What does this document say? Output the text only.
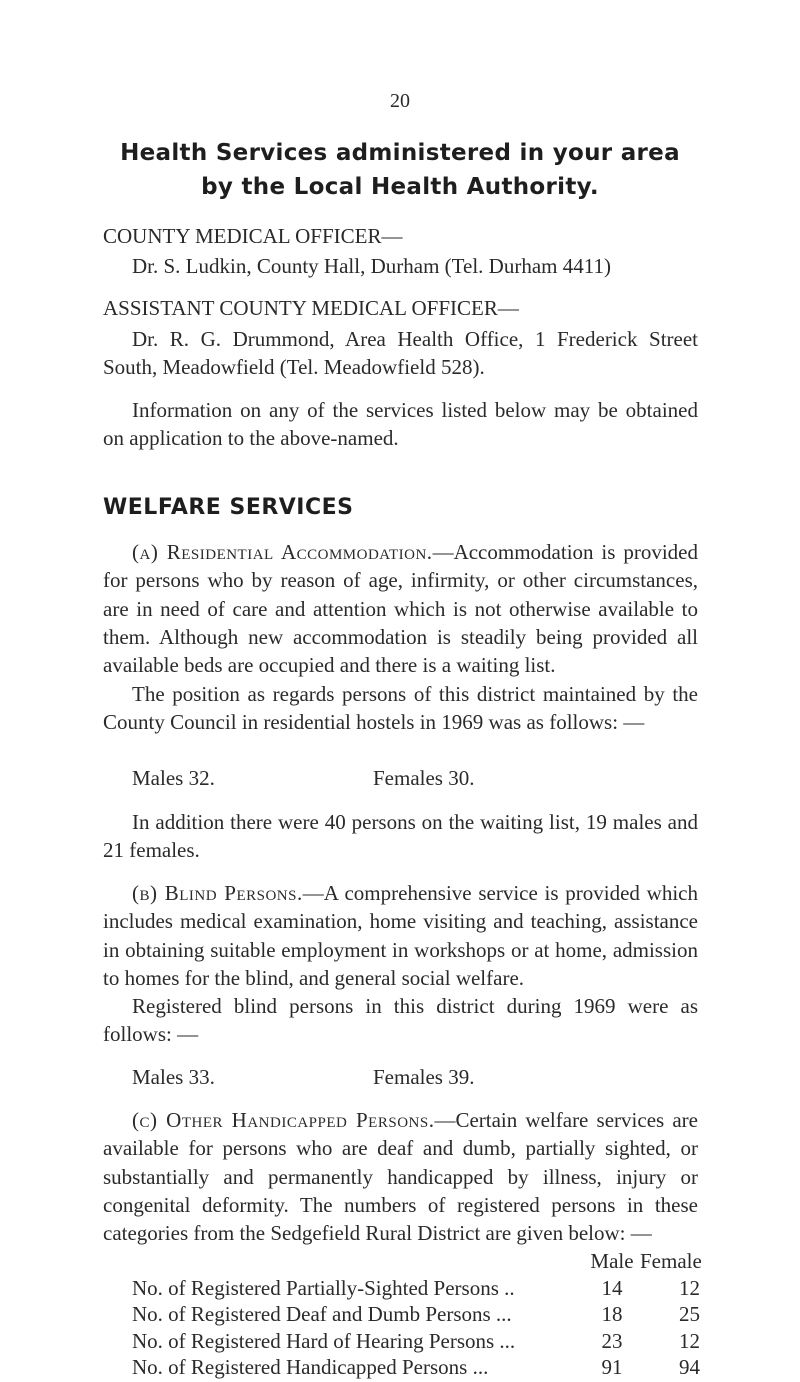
20
Health Services administered in your area
by the Local Health Authority.
COUNTY MEDICAL OFFICER—
Dr. S. Ludkin, County Hall, Durham (Tel. Durham 4411)
ASSISTANT COUNTY MEDICAL OFFICER—
Dr. R. G. Drummond, Area Health Office, 1 Frederick Street South, Meadowfield (Tel. Meadowfield 528).
Information on any of the services listed below may be obtained on application to the above-named.
WELFARE SERVICES
(a) Residential Accommodation.—Accommodation is provided for persons who by reason of age, infirmity, or other circumstances, are in need of care and attention which is not otherwise available to them. Although new accommodation is steadily being provided all available beds are occupied and there is a waiting list.
The position as regards persons of this district maintained by the County Council in residential hostels in 1969 was as follows: —
Males 32.	Females 30.
In addition there were 40 persons on the waiting list, 19 males and 21 females.
(b) Blind Persons.—A comprehensive service is provided which includes medical examination, home visiting and teaching, assistance in obtaining suitable employment in workshops or at home, admission to homes for the blind, and general social welfare.
Registered blind persons in this district during 1969 were as follows: —
Males 33.	Females 39.
(c) Other Handicapped Persons.—Certain welfare services are available for persons who are deaf and dumb, partially sighted, or substantially and permanently handicapped by illness, injury or congenital deformity. The numbers of registered persons in these categories from the Sedgefield Rural District are given below: —
Male Female
No. of Registered Partially-Sighted Persons ..	14	12
No. of Registered Deaf and Dumb Persons ...	18	25
No. of Registered Hard of Hearing Persons ...	23	12
No. of Registered Handicapped Persons ...	91	94
